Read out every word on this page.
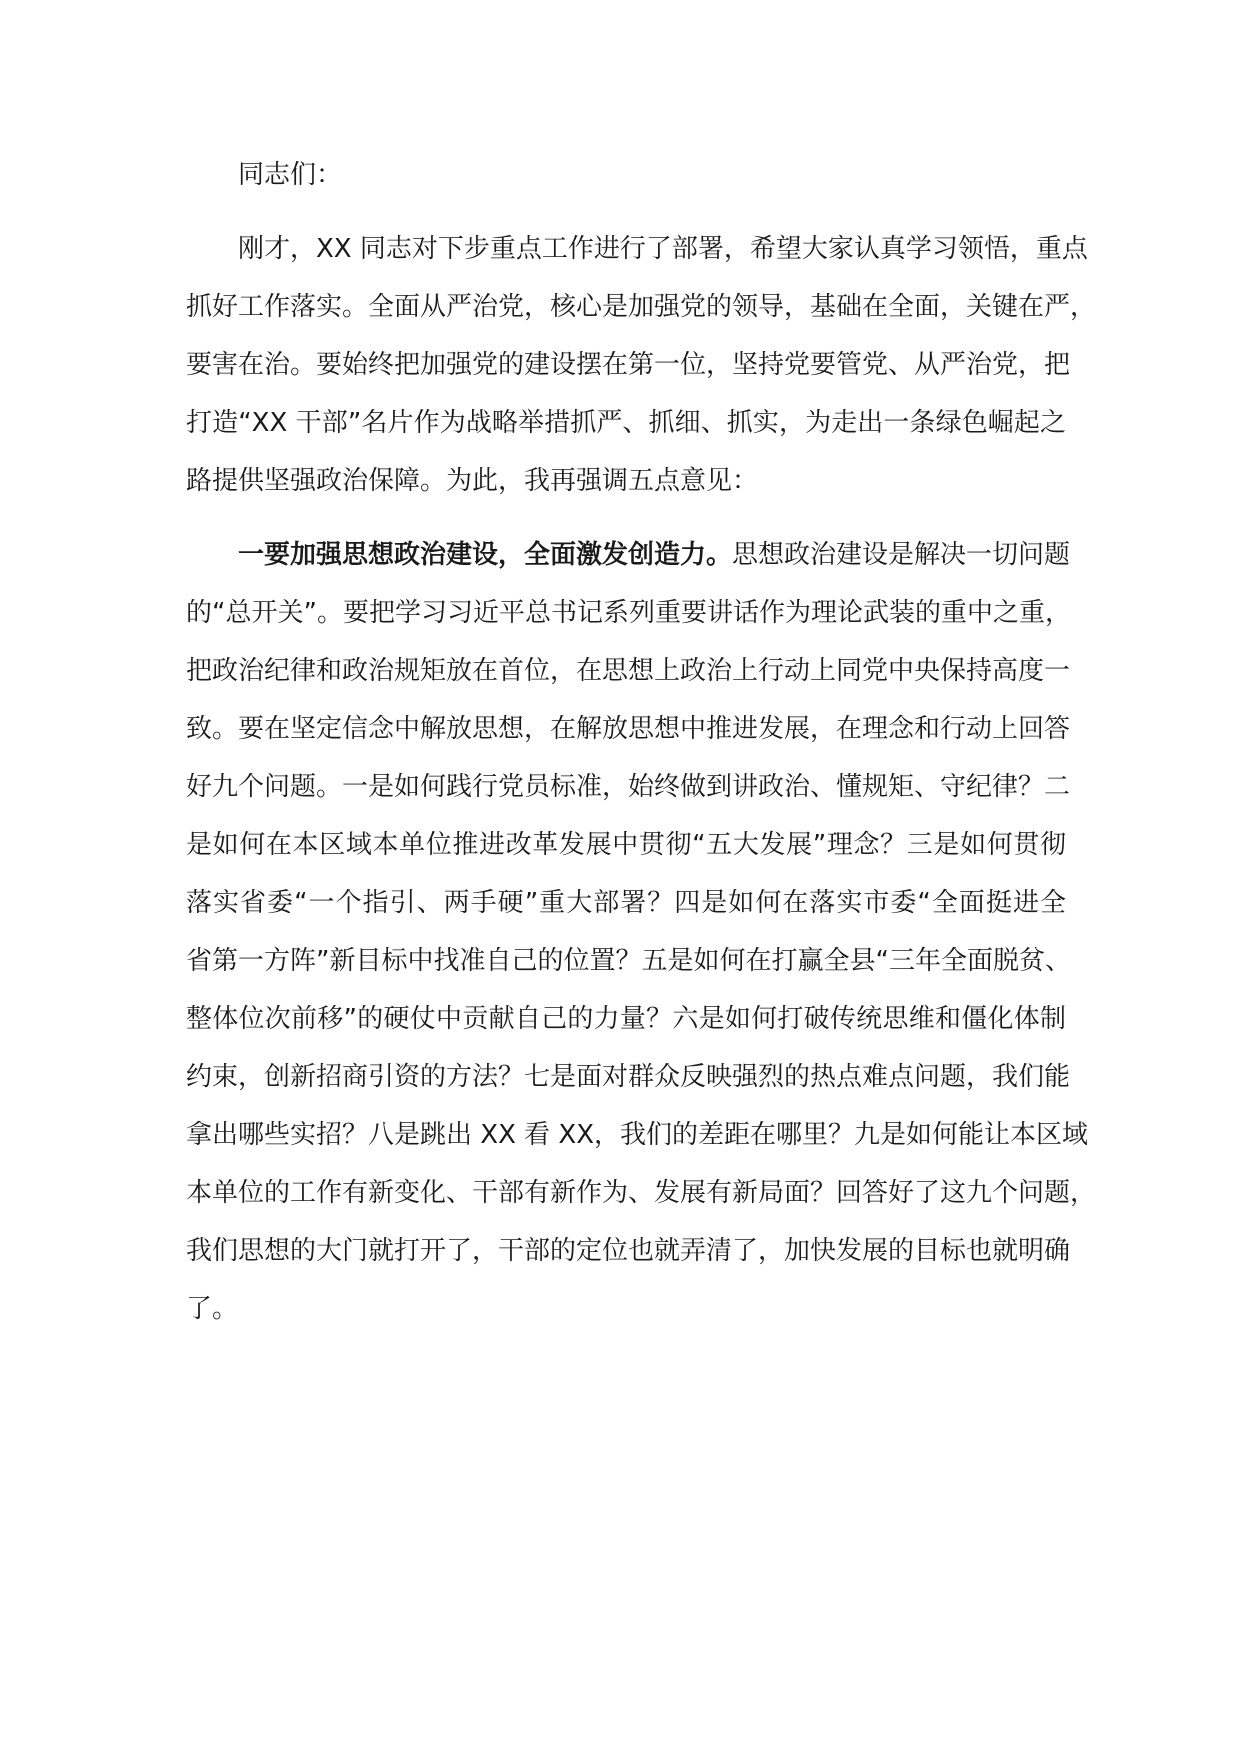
同志们：
刚才，XX 同志对下步重点工作进行了部署，希望大家认真学习领悟，重点
抓好工作落实。全面从严治党，核心是加强党的领导，基础在全面，关键在严，
要害在治。要始终把加强党的建设摆在第一位，坚持党要管党、从严治党，把
打造“XX 干部”名片作为战略举措抓严、抓细、抓实，为走出一条绿色崛起之
路提供坚强政治保障。为此，我再强调五点意见：
一要加强思想政治建设，全面激发创造力。思想政治建设是解决一切问题
的“总开关”。要把学习习近平总书记系列重要讲话作为理论武装的重中之重，
把政治纪律和政治规矩放在首位，在思想上政治上行动上同党中央保持高度一
致。要在坚定信念中解放思想，在解放思想中推进发展，在理念和行动上回答
好九个问题。一是如何践行党员标准，始终做到讲政治、懂规矩、守纪律？二
是如何在本区域本单位推进改革发展中贯彻“五大发展”理念？三是如何贯彻
落实省委“一个指引、两手硬”重大部署？四是如何在落实市委“全面挺进全
省第一方阵”新目标中找准自己的位置？五是如何在打赢全县“三年全面脱贫、
整体位次前移”的硬仗中贡献自己的力量？六是如何打破传统思维和僵化体制
约束，创新招商引资的方法？七是面对群众反映强烈的热点难点问题，我们能
拿出哪些实招？八是跳出 XX 看 XX，我们的差距在哪里？九是如何能让本区域
本单位的工作有新变化、干部有新作为、发展有新局面？回答好了这九个问题，
我们思想的大门就打开了，干部的定位也就弄清了，加快发展的目标也就明确
了。
